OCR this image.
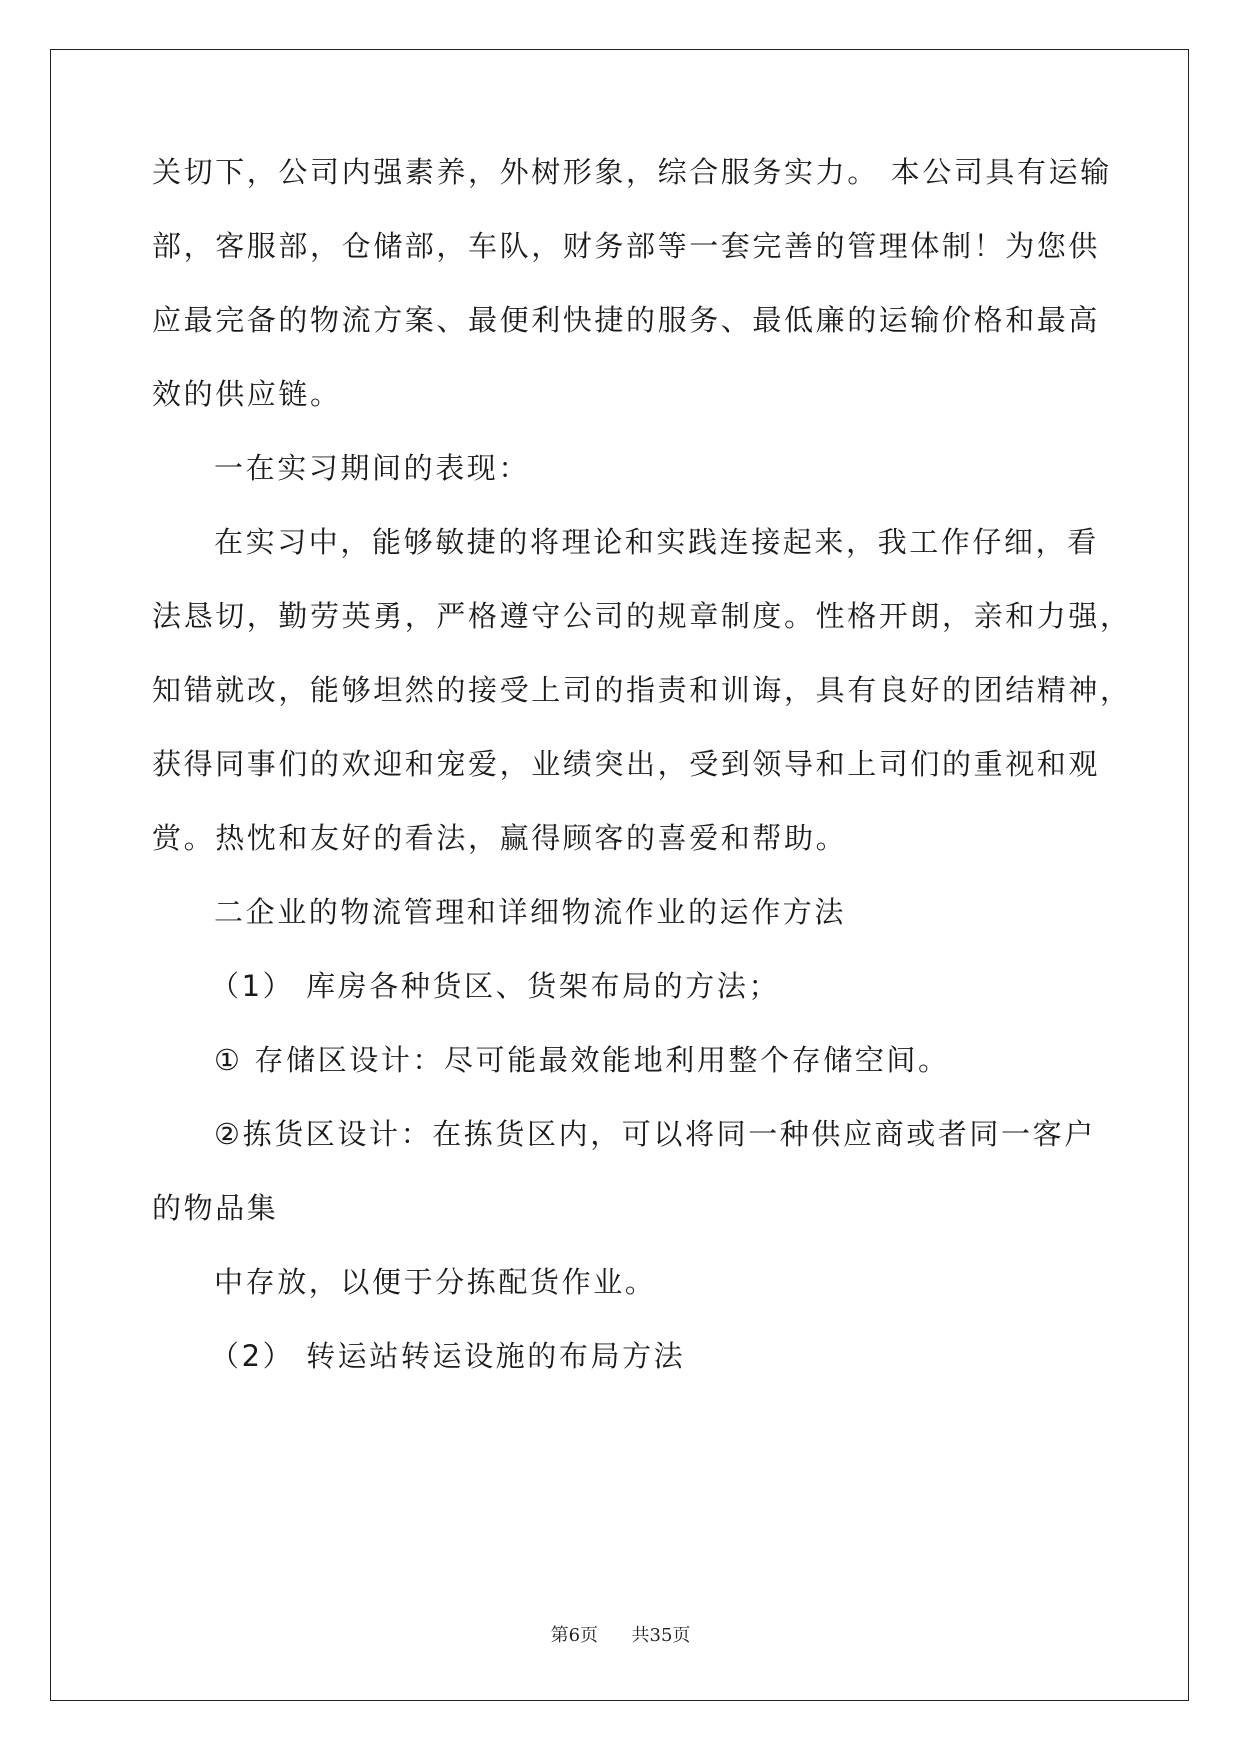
关切下，公司内强素养，外树形象，综合服务实力。 本公司具有运输
部，客服部，仓储部，车队，财务部等一套完善的管理体制！为您供
应最完备的物流方案、最便利快捷的服务、最低廉的运输价格和最高
效的供应链。
一在实习期间的表现：
在实习中，能够敏捷的将理论和实践连接起来，我工作仔细，看
法恳切，勤劳英勇，严格遵守公司的规章制度。性格开朗，亲和力强，
知错就改，能够坦然的接受上司的指责和训诲，具有良好的团结精神，
获得同事们的欢迎和宠爱，业绩突出，受到领导和上司们的重视和观
赏。热忱和友好的看法，赢得顾客的喜爱和帮助。
二企业的物流管理和详细物流作业的运作方法
（1） 库房各种货区、货架布局的方法；
① 存储区设计：尽可能最效能地利用整个存储空间。
②拣货区设计：在拣货区内，可以将同一种供应商或者同一客户
的物品集
中存放，以便于分拣配货作业。
（2） 转运站转运设施的布局方法
第6页 共35页
